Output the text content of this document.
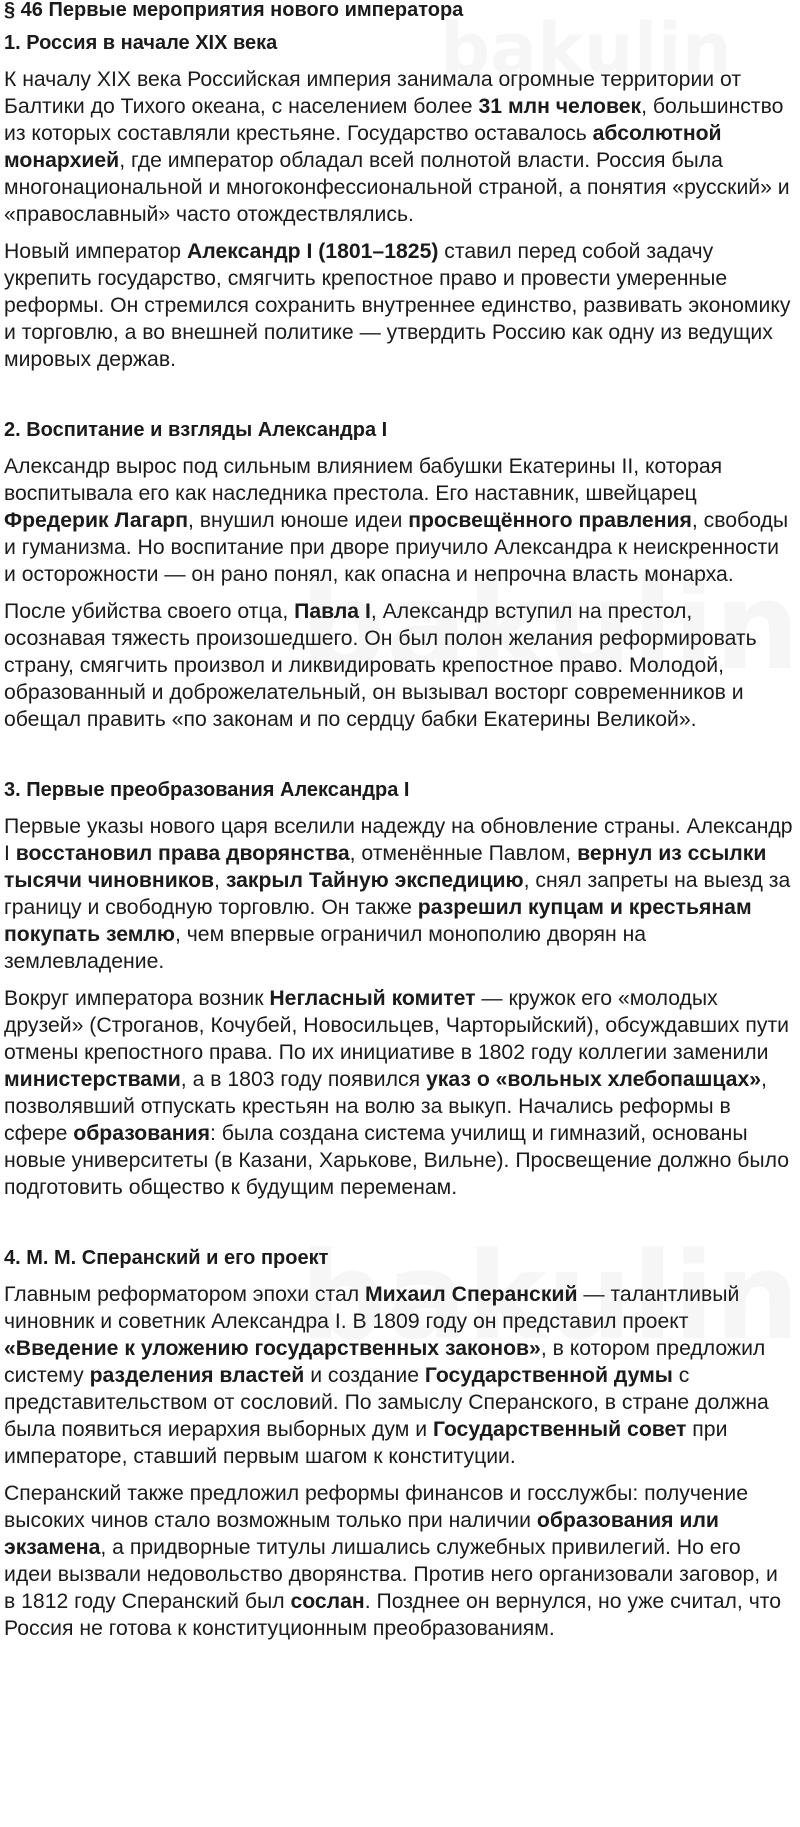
§ 46 Первые мероприятия нового императора
1. Россия в начале XIX века
К началу XIX века Российская империя занимала огромные территории от Балтики до Тихого океана, с населением более 31 млн человек, большинство из которых составляли крестьяне. Государство оставалось абсолютной монархией, где император обладал всей полнотой власти. Россия была многонациональной и многоконфессиональной страной, а понятия «русский» и «православный» часто отождествлялись.
Новый император Александр I (1801–1825) ставил перед собой задачу укрепить государство, смягчить крепостное право и провести умеренные реформы. Он стремился сохранить внутреннее единство, развивать экономику и торговлю, а во внешней политике — утвердить Россию как одну из ведущих мировых держав.
2. Воспитание и взгляды Александра I
Александр вырос под сильным влиянием бабушки Екатерины II, которая воспитывала его как наследника престола. Его наставник, швейцарец Фредерик Лагарп, внушил юноше идеи просвещённого правления, свободы и гуманизма. Но воспитание при дворе приучило Александра к неискренности и осторожности — он рано понял, как опасна и непрочна власть монарха.
После убийства своего отца, Павла I, Александр вступил на престол, осознавая тяжесть произошедшего. Он был полон желания реформировать страну, смягчить произвол и ликвидировать крепостное право. Молодой, образованный и доброжелательный, он вызывал восторг современников и обещал править «по законам и по сердцу бабки Екатерины Великой».
3. Первые преобразования Александра I
Первые указы нового царя вселили надежду на обновление страны. Александр I восстановил права дворянства, отменённые Павлом, вернул из ссылки тысячи чиновников, закрыл Тайную экспедицию, снял запреты на выезд за границу и свободную торговлю. Он также разрешил купцам и крестьянам покупать землю, чем впервые ограничил монополию дворян на землевладение.
Вокруг императора возник Негласный комитет — кружок его «молодых друзей» (Строганов, Кочубей, Новосильцев, Чарторыйский), обсуждавших пути отмены крепостного права. По их инициативе в 1802 году коллегии заменили министерствами, а в 1803 году появился указ о «вольных хлебопашцах», позволявший отпускать крестьян на волю за выкуп. Начались реформы в сфере образования: была создана система училищ и гимназий, основаны новые университеты (в Казани, Харькове, Вильне). Просвещение должно было подготовить общество к будущим переменам.
4. М. М. Сперанский и его проект
Главным реформатором эпохи стал Михаил Сперанский — талантливый чиновник и советник Александра I. В 1809 году он представил проект «Введение к уложению государственных законов», в котором предложил систему разделения властей и создание Государственной думы с представительством от сословий. По замыслу Сперанского, в стране должна была появиться иерархия выборных дум и Государственный совет при императоре, ставший первым шагом к конституции.
Сперанский также предложил реформы финансов и госслужбы: получение высоких чинов стало возможным только при наличии образования или экзамена, а придворные титулы лишались служебных привилегий. Но его идеи вызвали недовольство дворянства. Против него организовали заговор, и в 1812 году Сперанский был сослан. Позднее он вернулся, но уже считал, что Россия не готова к конституционным преобразованиям.
